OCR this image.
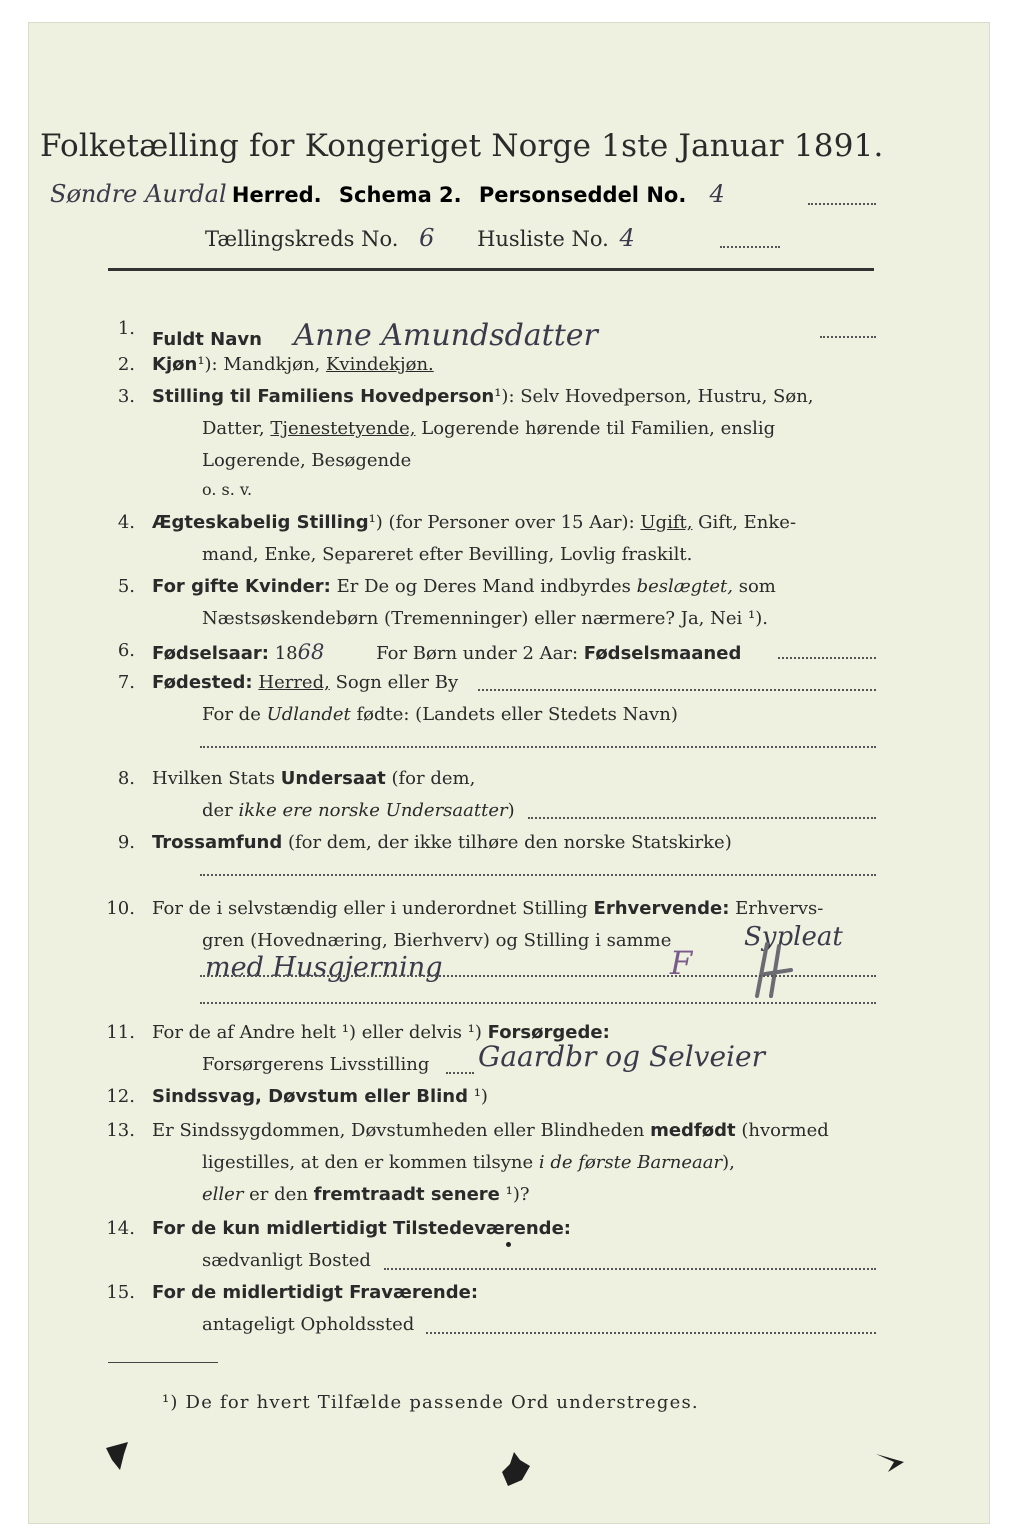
Folketælling for Kongeriget Norge 1ste Januar 1891.
Søndre Aurdal Herred. Schema 2. Personseddel No. 4
Tællingskreds No. 6 Husliste No. 4
1.
Fuldt Navn Anne Amundsdatter
2. Kjøn¹): Mandkjøn, Kvindekjøn.
3. Stilling til Familiens Hovedperson¹): Selv Hovedperson, Hustru, Søn,
Datter, Tjenestetyende, Logerende hørende til Familien, enslig
Logerende, Besøgende
o. s. v.
4. Ægteskabelig Stilling¹) (for Personer over 15 Aar): Ugift, Gift, Enke-
mand, Enke, Separeret efter Bevilling, Lovlig fraskilt.
5. For gifte Kvinder: Er De og Deres Mand indbyrdes beslægtet, som
Næstsøskendebørn (Tremenninger) eller nærmere? Ja, Nei ¹).
6. Fødselsaar: 1868	For Børn under 2 Aar: Fødselsmaaned
7. Fødested: Herred, Sogn eller By
For de Udlandet fødte: (Landets eller Stedets Navn)
8. Hvilken Stats Undersaat (for dem,
der ikke ere norske Undersaatter)
9. Trossamfund (for dem, der ikke tilhøre den norske Statskirke)
10. For de i selvstændig eller i underordnet Stilling Erhvervende: Erhvervs-
gren (Hovednæring, Bierhverv) og Stilling i samme	Sypleat
med Husgjerning	F
11. For de af Andre helt ¹) eller delvis ¹) Forsørgede:
Forsørgerens Livsstilling Gaardbr og Selveier
12. Sindssvag, Døvstum eller Blind ¹)
13. Er Sindssygdommen, Døvstumheden eller Blindheden medfødt (hvormed
ligestilles, at den er kommen tilsyne i de første Barneaar),
eller er den fremtraadt senere ¹)?
14. For de kun midlertidigt Tilstedeværende:
sædvanligt Bosted
15. For de midlertidigt Fraværende:
antageligt Opholdssted
¹) De for hvert Tilfælde passende Ord understreges.
